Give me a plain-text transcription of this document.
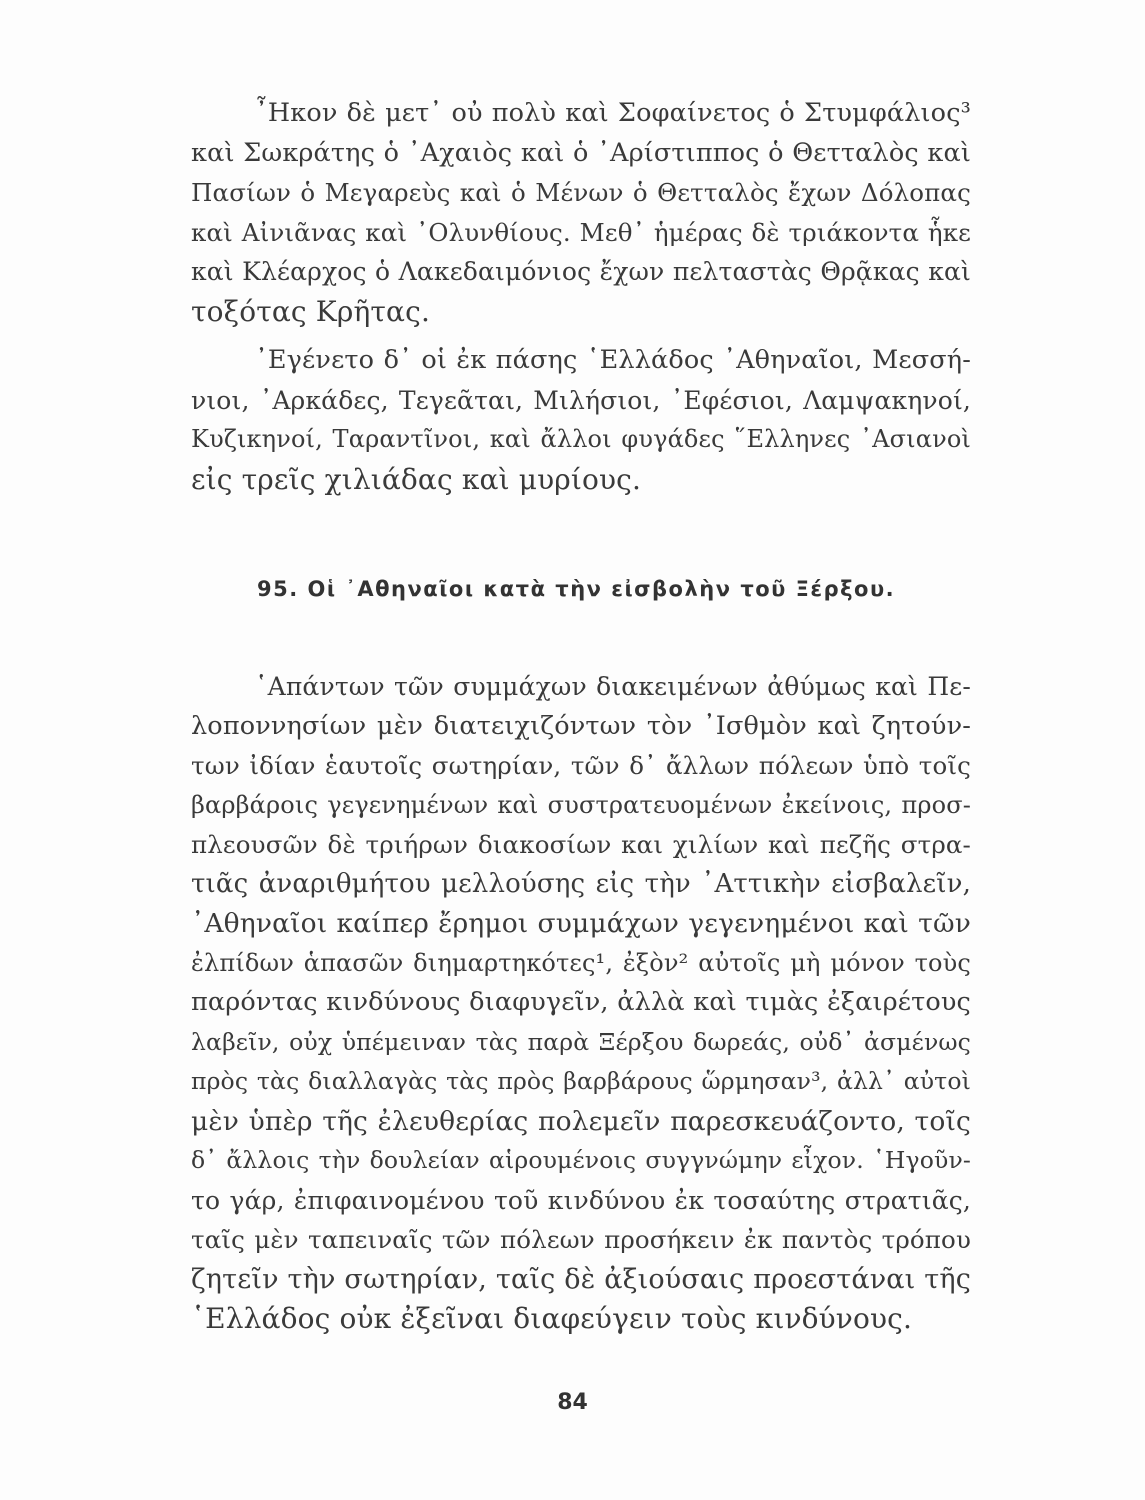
῏Ηκον δὲ μετ᾽ οὐ πολὺ καὶ Σοφαίνετος ὁ Στυμφάλιος³
καὶ Σωκράτης ὁ ᾽Αχαιὸς καὶ ὁ ᾽Αρίστιππος ὁ Θετταλὸς καὶ
Πασίων ὁ Μεγαρεὺς καὶ ὁ Μένων ὁ Θετταλὸς ἔχων Δόλοπας
καὶ Αἰνιᾶνας καὶ ᾽Ολυνθίους. Μεθ᾽ ἡμέρας δὲ τριάκοντα ἧκε
καὶ Κλέαρχος ὁ Λακεδαιμόνιος ἔχων πελταστὰς Θρᾷκας καὶ
τοξότας Κρῆτας.
᾽Εγένετο δ᾽ οἱ ἐκ πάσης ῾Ελλάδος ᾽Αθηναῖοι, Μεσσή-
νιοι, ᾽Αρκάδες, Τεγεᾶται, Μιλήσιοι, ᾽Εφέσιοι, Λαμψακηνοί,
Κυζικηνοί, Ταραντῖνοι, καὶ ἄλλοι φυγάδες ῞Ελληνες ᾽Ασιανοὶ
εἰς τρεῖς χιλιάδας καὶ μυρίους.
95. Οἱ ᾽Αθηναῖοι κατὰ τὴν εἰσβολὴν τοῦ Ξέρξου.
῾Απάντων τῶν συμμάχων διακειμένων ἀθύμως καὶ Πε-
λοποννησίων μὲν διατειχιζόντων τὸν ᾽Ισθμὸν καὶ ζητούν-
των ἰδίαν ἑαυτοῖς σωτηρίαν, τῶν δ᾽ ἄλλων πόλεων ὑπὸ τοῖς
βαρβάροις γεγενημένων καὶ συστρατευομένων ἐκείνοις, προσ-
πλεουσῶν δὲ τριήρων διακοσίων και χιλίων καὶ πεζῆς στρα-
τιᾶς ἀναριθμήτου μελλούσης εἰς τὴν ᾽Αττικὴν εἰσβαλεῖν,
᾽Αθηναῖοι καίπερ ἔρημοι συμμάχων γεγενημένοι καὶ τῶν
ἐλπίδων ἁπασῶν διημαρτηκότες¹, ἐξὸν² αὐτοῖς μὴ μόνον τοὺς
παρόντας κινδύνους διαφυγεῖν, ἀλλὰ καὶ τιμὰς ἐξαιρέτους
λαβεῖν, οὐχ ὑπέμειναν τὰς παρὰ Ξέρξου δωρεάς, οὐδ᾽ ἀσμένως
πρὸς τὰς διαλλαγὰς τὰς πρὸς βαρβάρους ὥρμησαν³, ἀλλ᾽ αὐτοὶ
μὲν ὑπὲρ τῆς ἐλευθερίας πολεμεῖν παρεσκευάζοντο, τοῖς
δ᾽ ἄλλοις τὴν δουλείαν αἱρουμένοις συγγνώμην εἶχον. ῾Ηγοῦν-
το γάρ, ἐπιφαινομένου τοῦ κινδύνου ἐκ τοσαύτης στρατιᾶς,
ταῖς μὲν ταπειναῖς τῶν πόλεων προσήκειν ἐκ παντὸς τρόπου
ζητεῖν τὴν σωτηρίαν, ταῖς δὲ ἀξιούσαις προεστάναι τῆς
῾Ελλάδος οὐκ ἐξεῖναι διαφεύγειν τοὺς κινδύνους.
84
